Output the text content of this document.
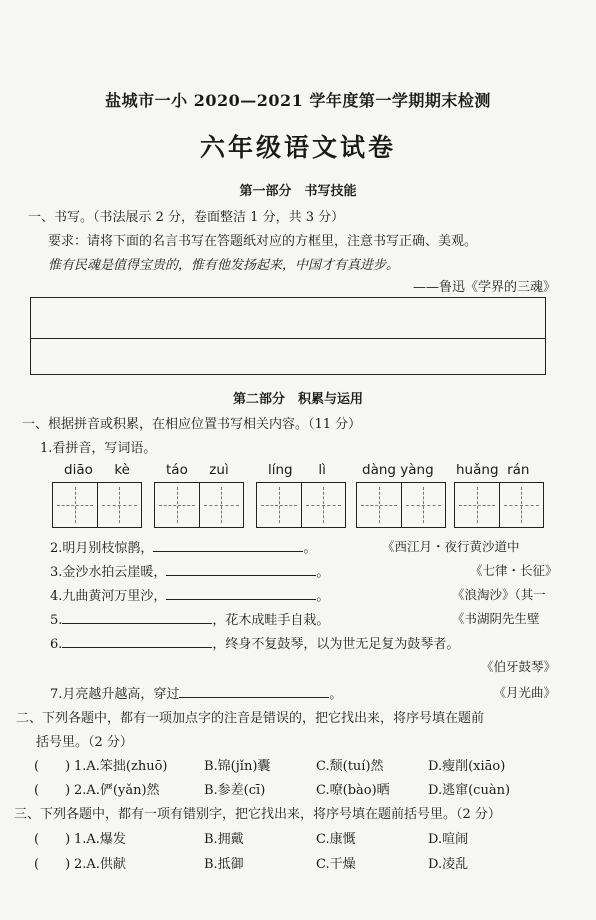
盐城市一小 2020—2021 学年度第一学期期末检测
六年级语文试卷
第一部分　书写技能
一、书写。（书法展示 2 分，卷面整洁 1 分，共 3 分）
要求：请将下面的名言书写在答题纸对应的方框里，注意书写正确、美观。
惟有民魂是值得宝贵的，惟有他发扬起来，中国才有真进步。
——鲁迅《学界的三魂》
第二部分　积累与运用
一、根据拼音或积累，在相应位置书写相关内容。（11 分）
1.看拼音，写词语。
diāo kè	táo zuì	líng lì	dàng yàng huǎng rán
2.明月别枝惊鹊，	。	《西江月・夜行黄沙道中
3.金沙水拍云崖暖，	。	《七律・长征》
4.九曲黄河万里沙，	。	《浪淘沙》（其一
5.	，花木成畦手自栽。	《书湖阴先生壁
6.	，终身不复鼓琴，以为世无足复为鼓琴者。
《伯牙鼓琴》
7.月亮越升越高，穿过	。	《月光曲》
二、下列各题中，都有一项加点字的注音是错误的，把它找出来，将序号填在题前
括号里。（2 分）
(　　) 1.A.笨拙(zhuō)	B.锦(jǐn)囊	C.颓(tuí)然	D.瘦削(xiāo)
(　　) 2.A.俨(yǎn)然	B.参差(cī)	C.嘹(bào)晒	D.逃窜(cuàn)
三、下列各题中，都有一项有错别字，把它找出来，将序号填在题前括号里。（2 分）
(　　) 1.A.爆发	B.拥戴	C.康慨	D.喧闹
(　　) 2.A.供献	B.抵御	C.干燥	D.凌乱
